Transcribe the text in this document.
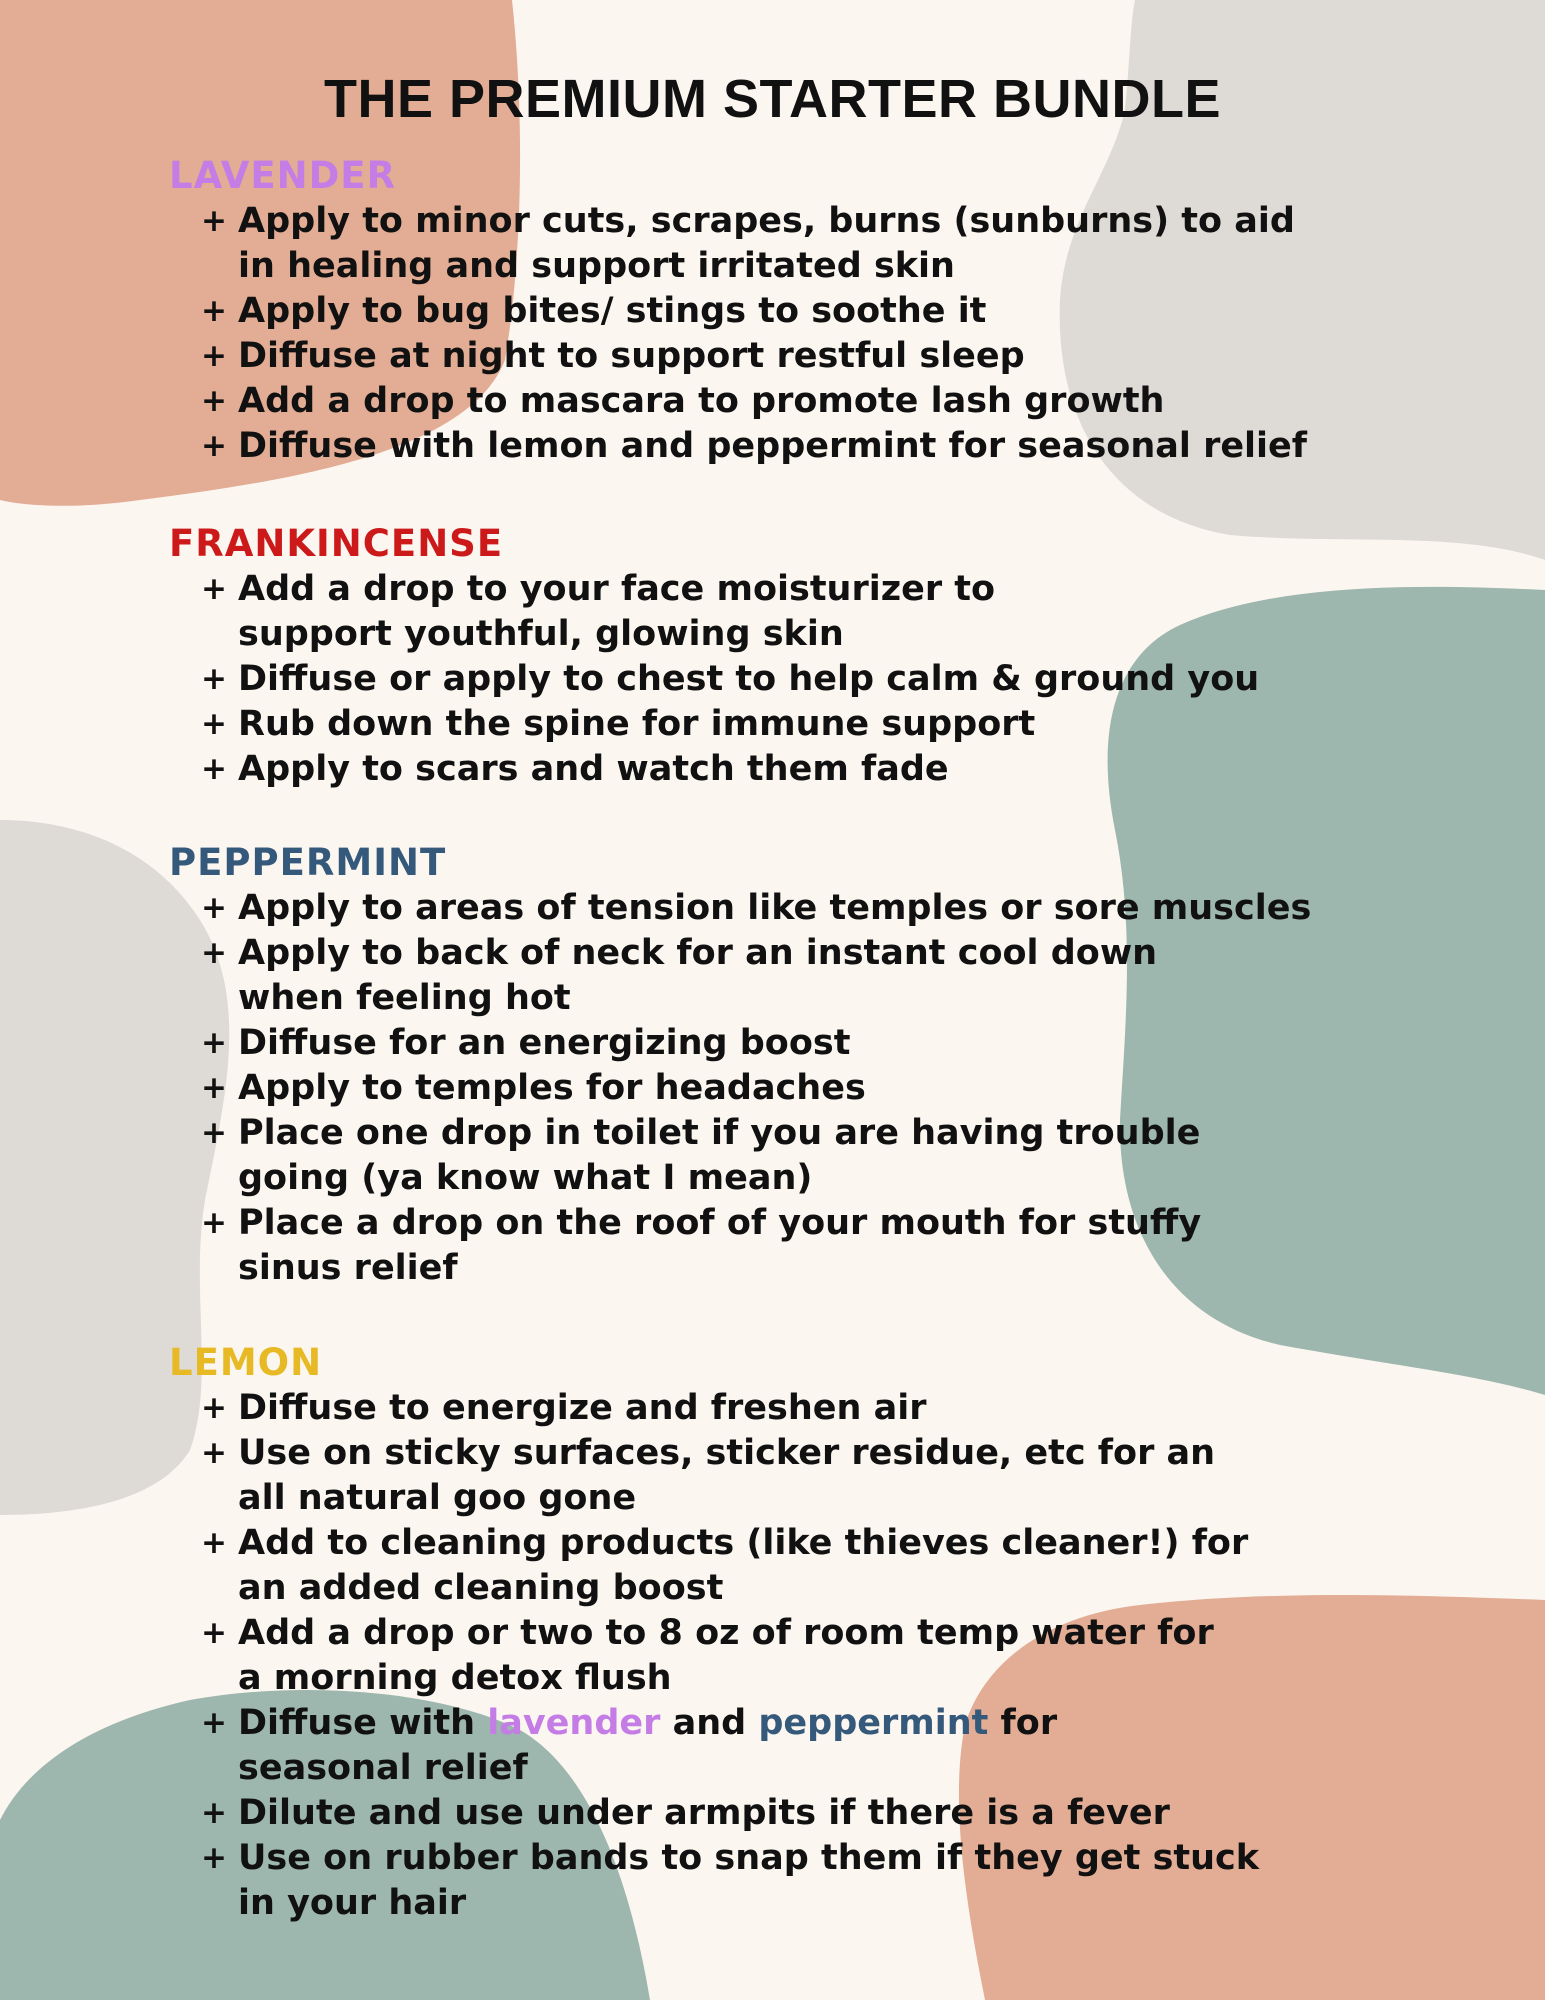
THE PREMIUM STARTER BUNDLE
LAVENDER
+ Apply to minor cuts, scrapes, burns (sunburns) to aid
in healing and support irritated skin
+ Apply to bug bites/ stings to soothe it
+ Diffuse at night to support restful sleep
+ Add a drop to mascara to promote lash growth
+ Diffuse with lemon and peppermint for seasonal relief
FRANKINCENSE
+ Add a drop to your face moisturizer to
support youthful, glowing skin
+ Diffuse or apply to chest to help calm & ground you
+ Rub down the spine for immune support
+ Apply to scars and watch them fade
PEPPERMINT
+ Apply to areas of tension like temples or sore muscles
+ Apply to back of neck for an instant cool down
when feeling hot
+ Diffuse for an energizing boost
+ Apply to temples for headaches
+ Place one drop in toilet if you are having trouble
going (ya know what I mean)
+ Place a drop on the roof of your mouth for stuffy
sinus relief
LEMON
+ Diffuse to energize and freshen air
+ Use on sticky surfaces, sticker residue, etc for an
all natural goo gone
+ Add to cleaning products (like thieves cleaner!) for
an added cleaning boost
+ Add a drop or two to 8 oz of room temp water for
a morning detox flush
+ Diffuse with lavender and peppermint for
seasonal relief
+ Dilute and use under armpits if there is a fever
+ Use on rubber bands to snap them if they get stuck
in your hair
